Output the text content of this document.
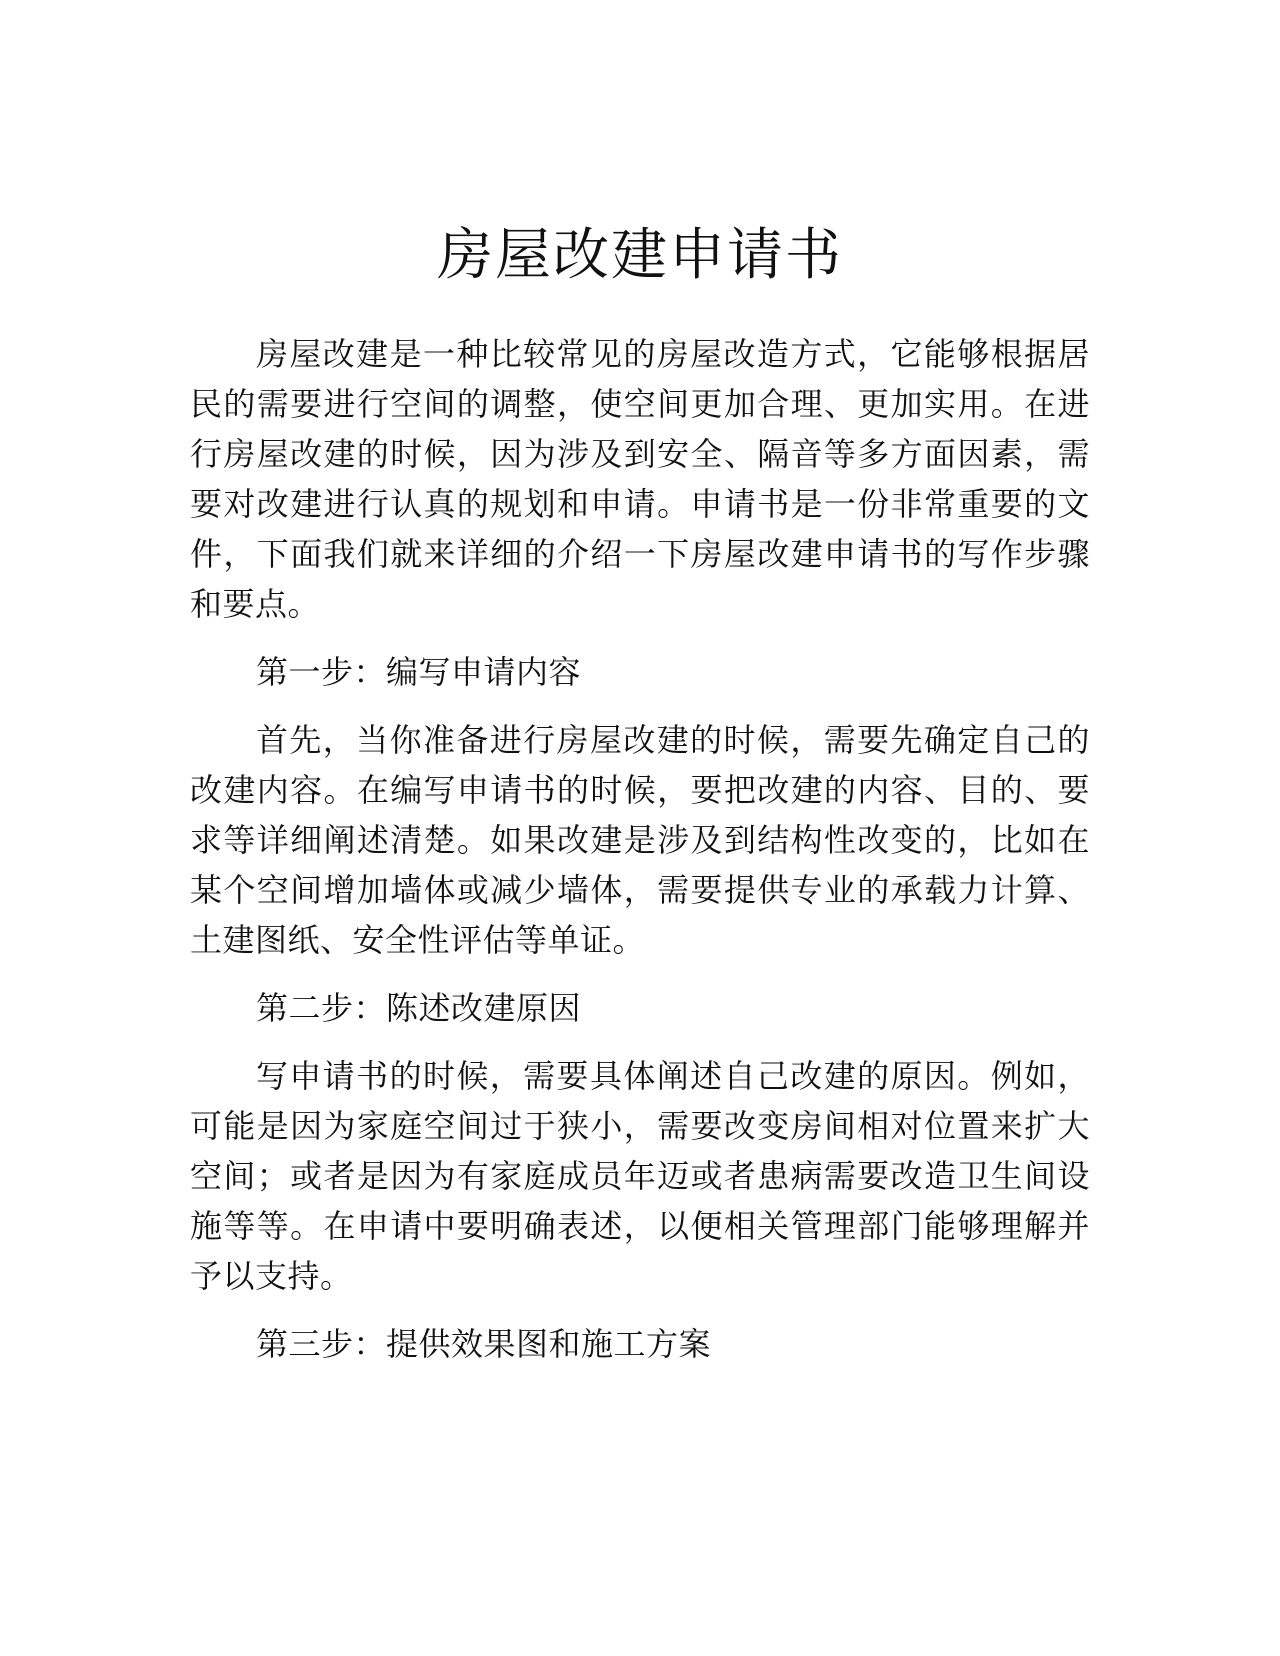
房屋改建申请书

房屋改建是一种比较常见的房屋改造方式，它能够根据居民的需要进行空间的调整，使空间更加合理、更加实用。在进行房屋改建的时候，因为涉及到安全、隔音等多方面因素，需要对改建进行认真的规划和申请。申请书是一份非常重要的文件，下面我们就来详细的介绍一下房屋改建申请书的写作步骤和要点。

第一步：编写申请内容

首先，当你准备进行房屋改建的时候，需要先确定自己的改建内容。在编写申请书的时候，要把改建的内容、目的、要求等详细阐述清楚。如果改建是涉及到结构性改变的，比如在某个空间增加墙体或减少墙体，需要提供专业的承载力计算、土建图纸、安全性评估等单证。

第二步：陈述改建原因

写申请书的时候，需要具体阐述自己改建的原因。例如，可能是因为家庭空间过于狭小，需要改变房间相对位置来扩大空间；或者是因为有家庭成员年迈或者患病需要改造卫生间设施等等。在申请中要明确表述，以便相关管理部门能够理解并予以支持。

第三步：提供效果图和施工方案
